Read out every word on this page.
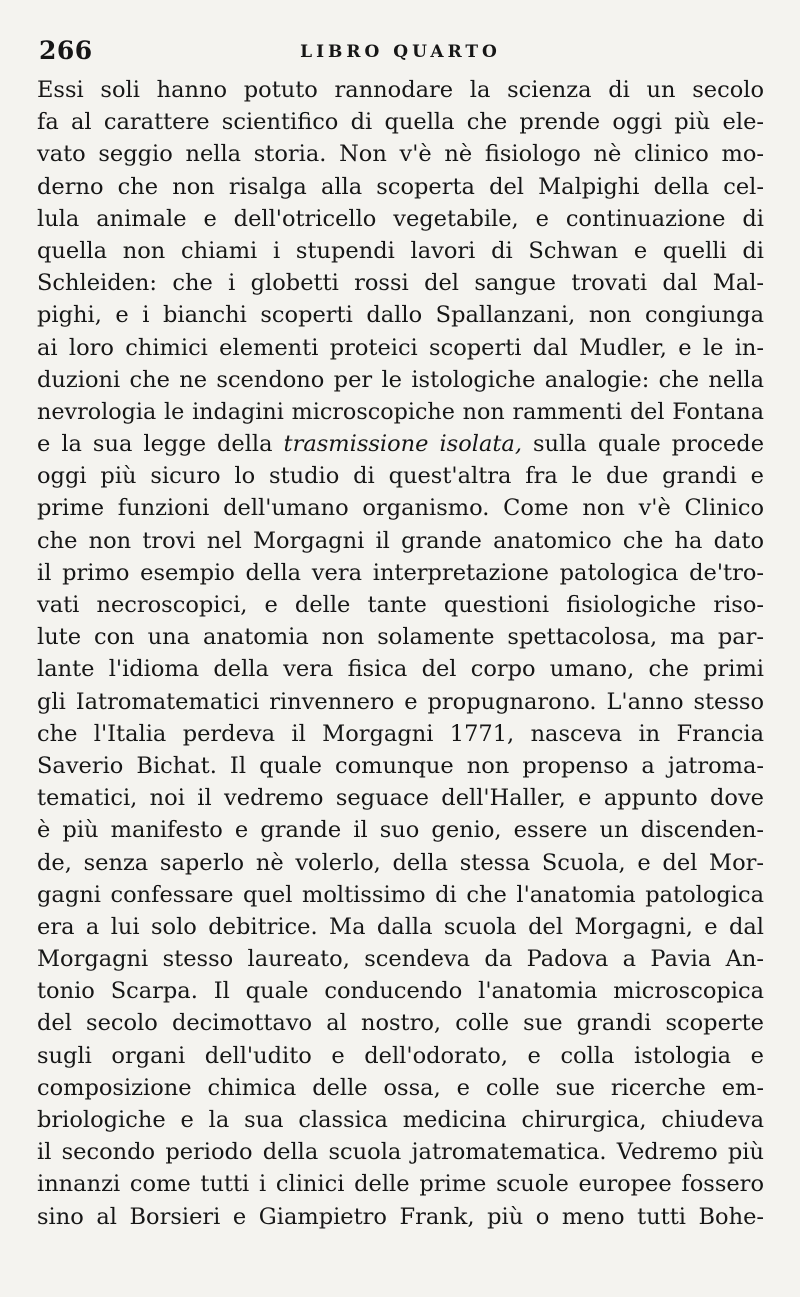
266	LIBRO QUARTO
Essi soli hanno potuto rannodare la scienza di un secolo
fa al carattere scientifico di quella che prende oggi più ele-
vato seggio nella storia. Non v'è nè fisiologo nè clinico mo-
derno che non risalga alla scoperta del Malpighi della cel-
lula animale e dell'otricello vegetabile, e continuazione di
quella non chiami i stupendi lavori di Schwan e quelli di
Schleiden: che i globetti rossi del sangue trovati dal Mal-
pighi, e i bianchi scoperti dallo Spallanzani, non congiunga
ai loro chimici elementi proteici scoperti dal Mudler, e le in-
duzioni che ne scendono per le istologiche analogie: che nella
nevrologia le indagini microscopiche non rammenti del Fontana
e la sua legge della trasmissione isolata, sulla quale procede
oggi più sicuro lo studio di quest'altra fra le due grandi e
prime funzioni dell'umano organismo. Come non v'è Clinico
che non trovi nel Morgagni il grande anatomico che ha dato
il primo esempio della vera interpretazione patologica de'tro-
vati necroscopici, e delle tante questioni fisiologiche riso-
lute con una anatomia non solamente spettacolosa, ma par-
lante l'idioma della vera fisica del corpo umano, che primi
gli Iatromatematici rinvennero e propugnarono. L'anno stesso
che l'Italia perdeva il Morgagni 1771, nasceva in Francia
Saverio Bichat. Il quale comunque non propenso a jatroma-
tematici, noi il vedremo seguace dell'Haller, e appunto dove
è più manifesto e grande il suo genio, essere un discenden-
de, senza saperlo nè volerlo, della stessa Scuola, e del Mor-
gagni confessare quel moltissimo di che l'anatomia patologica
era a lui solo debitrice. Ma dalla scuola del Morgagni, e dal
Morgagni stesso laureato, scendeva da Padova a Pavia An-
tonio Scarpa. Il quale conducendo l'anatomia microscopica
del secolo decimottavo al nostro, colle sue grandi scoperte
sugli organi dell'udito e dell'odorato, e colla istologia e
composizione chimica delle ossa, e colle sue ricerche em-
briologiche e la sua classica medicina chirurgica, chiudeva
il secondo periodo della scuola jatromatematica. Vedremo più
innanzi come tutti i clinici delle prime scuole europee fossero
sino al Borsieri e Giampietro Frank, più o meno tutti Bohe-
